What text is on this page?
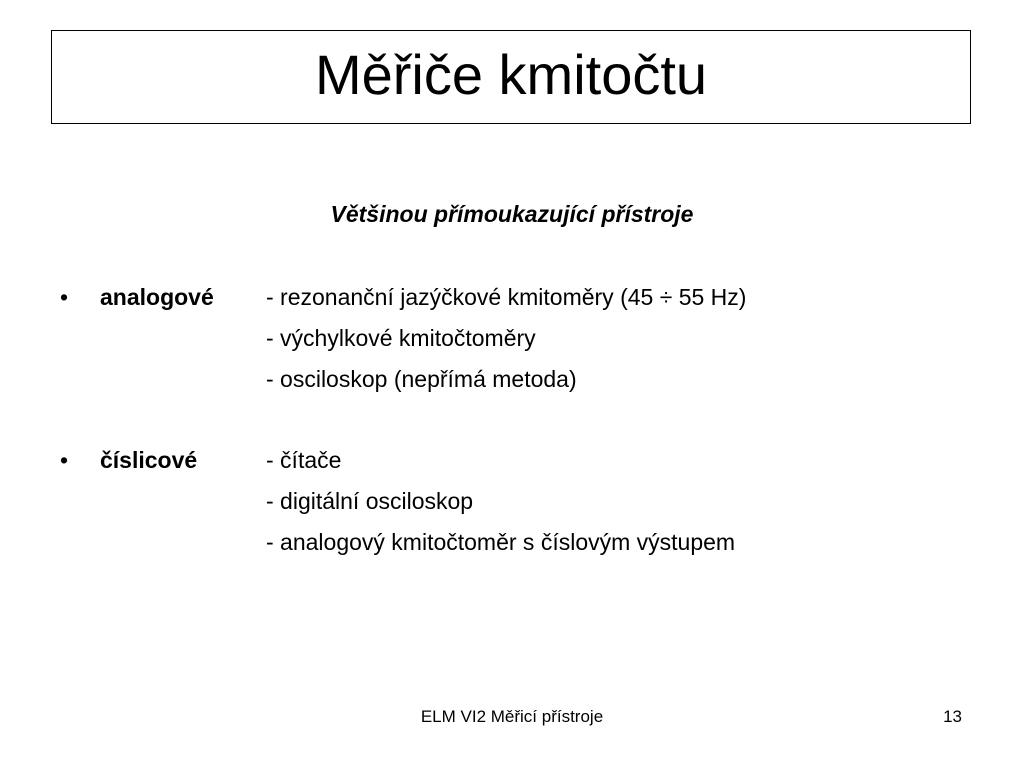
Měřiče kmitočtu
Většinou přímoukazující přístroje
• analogové - rezonanční jazýčkové kmitoměry (45 ÷ 55 Hz)
- výchylkové kmitočtoměry
- osciloskop (nepřímá metoda)
• číslicové	- čítače
- digitální osciloskop
- analogový kmitočtoměr s číslovým výstupem
ELM VI2 Měřicí přístroje	13
